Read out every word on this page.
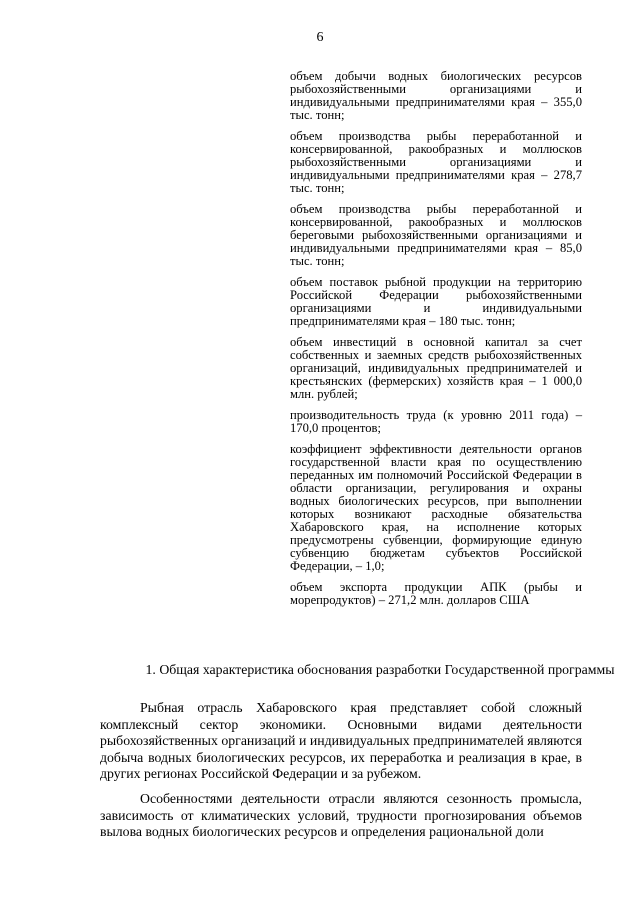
6

объем добычи водных биологических ресурсов рыбохозяйственными организациями и индивидуальными предпринимателями края – 355,0 тыс. тонн;

объем производства рыбы переработанной и консервированной, ракообразных и моллюсков рыбохозяйственными организациями и индивидуальными предпринимателями края – 278,7 тыс. тонн;

объем производства рыбы переработанной и консервированной, ракообразных и моллюсков береговыми рыбохозяйственными организациями и индивидуальными предпринимателями края – 85,0 тыс. тонн;

объем поставок рыбной продукции на территорию Российской Федерации рыбохозяйственными организациями и индивидуальными предпринимателями края – 180 тыс. тонн;

объем инвестиций в основной капитал за счет собственных и заемных средств рыбохозяйственных организаций, индивидуальных предпринимателей и крестьянских (фермерских) хозяйств края – 1 000,0 млн. рублей;

производительность труда (к уровню 2011 года) – 170,0 процентов;

коэффициент эффективности деятельности органов государственной власти края по осуществлению переданных им полномочий Российской Федерации в области организации, регулирования и охраны водных биологических ресурсов, при выполнении которых возникают расходные обязательства Хабаровского края, на исполнение которых предусмотрены субвенции, формирующие единую субвенцию бюджетам субъектов Российской Федерации, – 1,0;

объем экспорта продукции АПК (рыбы и морепродуктов) – 271,2 млн. долларов США

1. Общая характеристика обоснования разработки Государственной программы

Рыбная отрасль Хабаровского края представляет собой сложный комплексный сектор экономики. Основными видами деятельности рыбохозяйственных организаций и индивидуальных предпринимателей являются добыча водных биологических ресурсов, их переработка и реализация в крае, в других регионах Российской Федерации и за рубежом.

Особенностями деятельности отрасли являются сезонность промысла, зависимость от климатических условий, трудности прогнозирования объемов вылова водных биологических ресурсов и определения рациональной доли
